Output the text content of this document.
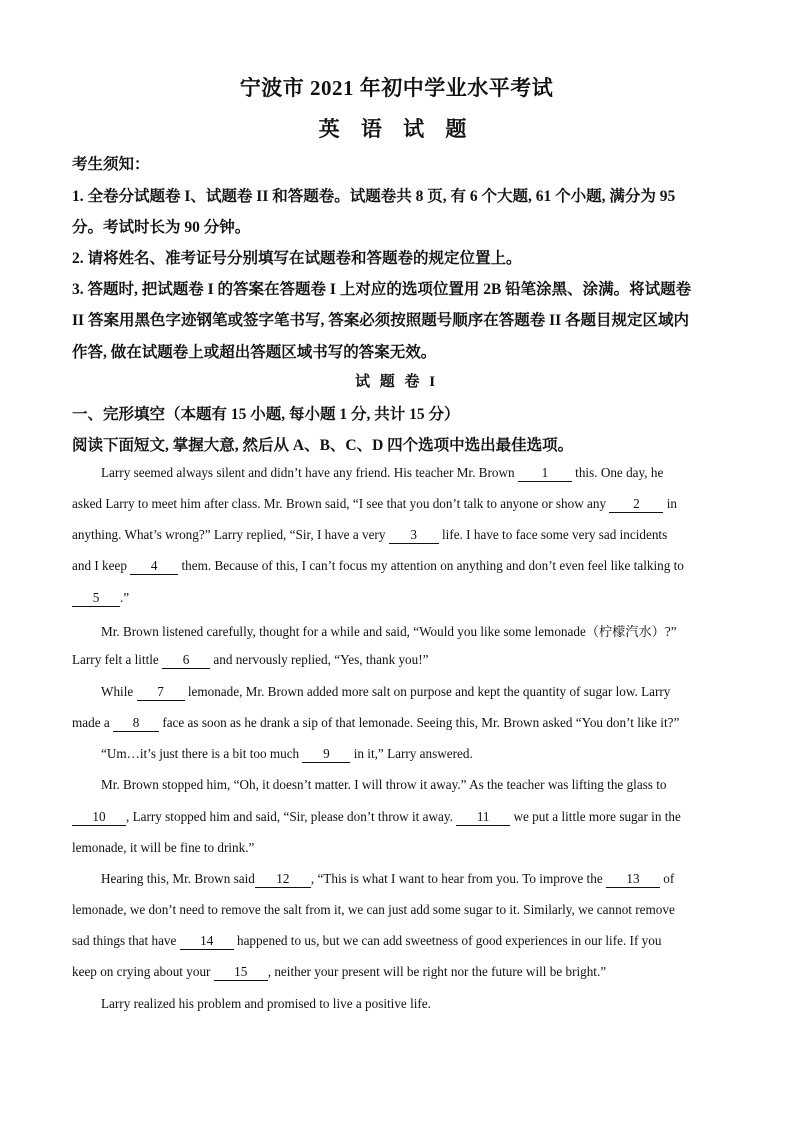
宁波市 2021 年初中学业水平考试
英 语 试 题
考生须知：
1. 全卷分试题卷 I、试题卷 II 和答题卷。试题卷共 8 页, 有 6 个大题, 61 个小题, 满分为 95
分。考试时长为 90 分钟。
2. 请将姓名、准考证号分别填写在试题卷和答题卷的规定位置上。
3. 答题时, 把试题卷 I 的答案在答题卷 I 上对应的选项位置用 2B 铅笔涂黑、涂满。将试题卷
II 答案用黑色字迹钢笔或签字笔书写, 答案必须按照题号顺序在答题卷 II 各题目规定区域内
作答, 做在试题卷上或超出答题区域书写的答案无效。
试 题 卷 I
一、完形填空（本题有 15 小题, 每小题 1 分, 共计 15 分）
阅读下面短文, 掌握大意, 然后从 A、B、C、D 四个选项中选出最佳选项。
Larry seemed always silent and didn’t have any friend. His teacher Mr. Brown 1 this. One day, he
asked Larry to meet him after class. Mr. Brown said, “I see that you don’t talk to anyone or show any 2 in
anything. What’s wrong?” Larry replied, “Sir, I have a very 3 life. I have to face some very sad incidents
and I keep 4 them. Because of this, I can’t focus my attention on anything and don’t even feel like talking to
5 .”
Mr. Brown listened carefully, thought for a while and said, “Would you like some lemonade（柠檬汽水）?”
Larry felt a little 6 and nervously replied, “Yes, thank you!”
While 7 lemonade, Mr. Brown added more salt on purpose and kept the quantity of sugar low. Larry
made a 8 face as soon as he drank a sip of that lemonade. Seeing this, Mr. Brown asked “You don’t like it?”
“Um…it’s just there is a bit too much 9 in it,” Larry answered.
Mr. Brown stopped him, “Oh, it doesn’t matter. I will throw it away.” As the teacher was lifting the glass to
10 , Larry stopped him and said, “Sir, please don’t throw it away. 11 we put a little more sugar in the
lemonade, it will be fine to drink.”
Hearing this, Mr. Brown said 12 , “This is what I want to hear from you. To improve the 13 of
lemonade, we don’t need to remove the salt from it, we can just add some sugar to it. Similarly, we cannot remove
sad things that have 14 happened to us, but we can add sweetness of good experiences in our life. If you
keep on crying about your 15 , neither your present will be right nor the future will be bright.”
Larry realized his problem and promised to live a positive life.
